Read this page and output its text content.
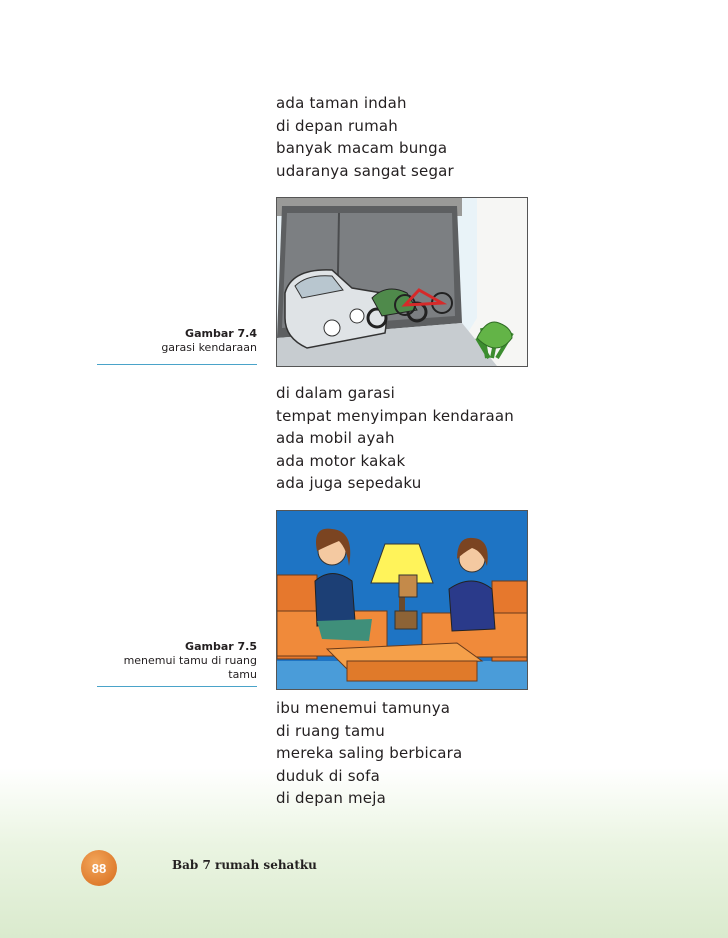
ada taman indah
di depan rumah
banyak macam bunga
udaranya sangat segar
Gambar 7.4
garasi kendaraan
di dalam garasi
tempat menyimpan kendaraan
ada mobil ayah
ada motor kakak
ada juga sepedaku
Gambar 7.5
menemui tamu di ruang
tamu
ibu menemui tamunya
di ruang tamu
mereka saling berbicara
duduk di sofa
di depan meja
88	Bab 7 rumah sehatku
